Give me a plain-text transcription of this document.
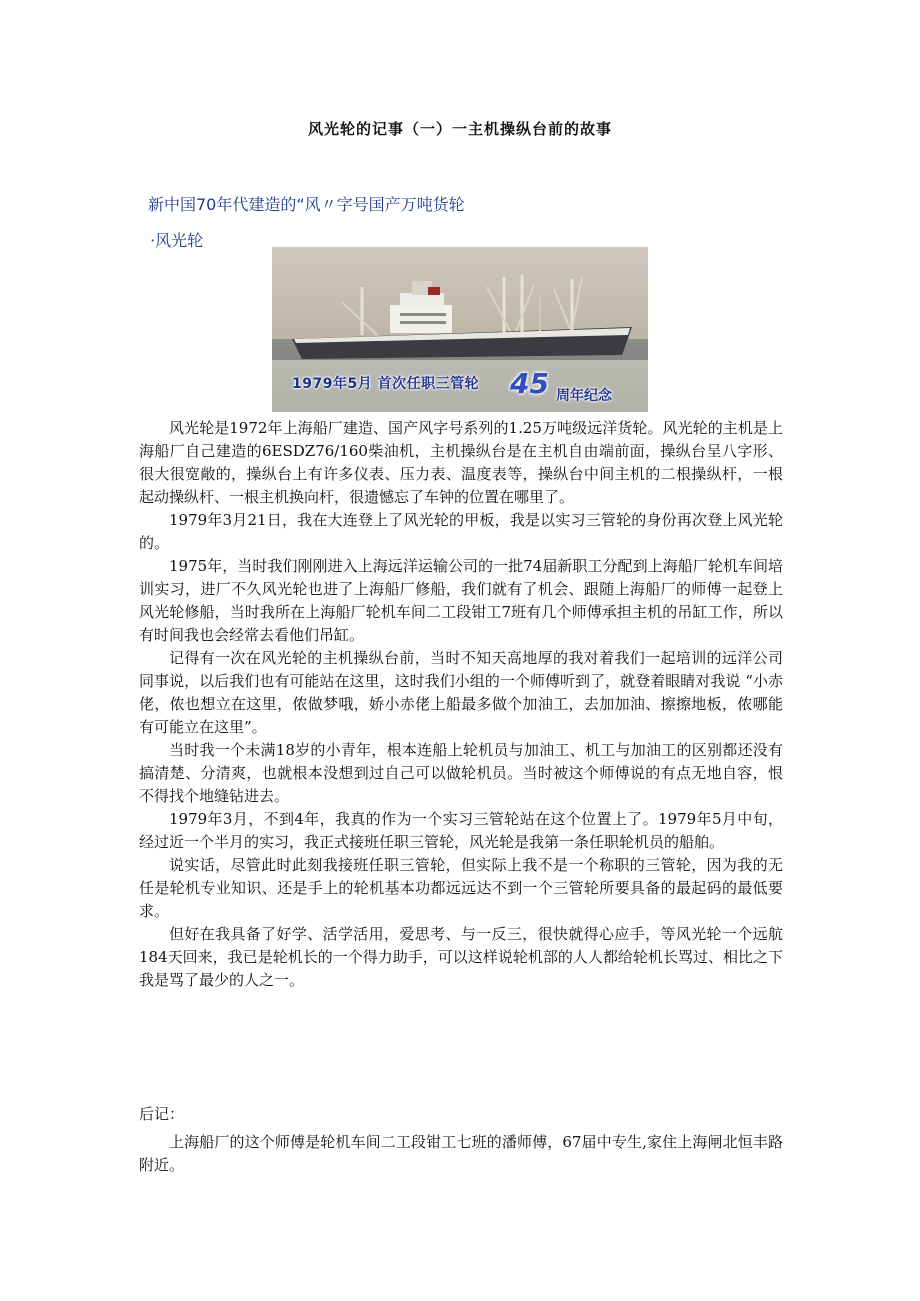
风光轮的记事（一）一主机操纵台前的故事
新中国70年代建造的“风〃字号国产万吨货轮
·风光轮
1979年5月 首次任职三管轮 45 周年纪念

风光轮是1972年上海船厂建造、国产风字号系列的1.25万吨级远洋货轮。风光轮的主机是上海船厂自己建造的6ESDZ76/160柴油机，主机操纵台是在主机自由端前面，操纵台呈八字形、很大很宽敞的，操纵台上有许多仪表、压力表、温度表等，操纵台中间主机的二根操纵杆，一根起动操纵杆、一根主机换向杆，很遗憾忘了车钟的位置在哪里了。

1979年3月21日，我在大连登上了风光轮的甲板，我是以实习三管轮的身份再次登上风光轮的。

1975年，当时我们刚刚进入上海远洋运输公司的一批74届新职工分配到上海船厂轮机车间培训实习，进厂不久风光轮也进了上海船厂修船，我们就有了机会、跟随上海船厂的师傅一起登上风光轮修船，当时我所在上海船厂轮机车间二工段钳工7班有几个师傅承担主机的吊缸工作，所以有时间我也会经常去看他们吊缸。

记得有一次在风光轮的主机操纵台前，当时不知天高地厚的我对着我们一起培训的远洋公司同事说，以后我们也有可能站在这里，这时我们小组的一个师傅听到了，就登着眼睛对我说 “小赤佬，侬也想立在这里，侬做梦哦，娇小赤佬上船最多做个加油工，去加加油、擦擦地板，侬哪能有可能立在这里”。

当时我一个未满18岁的小青年，根本连船上轮机员与加油工、机工与加油工的区别都还没有搞清楚、分清爽，也就根本没想到过自己可以做轮机员。当时被这个师傅说的有点无地自容，恨不得找个地缝钻进去。

1979年3月，不到4年，我真的作为一个实习三管轮站在这个位置上了。1979年5月中旬，经过近一个半月的实习，我正式接班任职三管轮，风光轮是我第一条任职轮机员的船舶。

说实话，尽管此时此刻我接班任职三管轮，但实际上我不是一个称职的三管轮，因为我的无任是轮机专业知识、还是手上的轮机基本功都远远达不到一个三管轮所要具备的最起码的最低要求。

但好在我具备了好学、活学活用，爱思考、与一反三，很快就得心应手，等风光轮一个远航184天回来，我已是轮机长的一个得力助手，可以这样说轮机部的人人都给轮机长骂过、相比之下我是骂了最少的人之一。

后记：

上海船厂的这个师傅是轮机车间二工段钳工七班的潘师傅，67届中专生,家住上海闸北恒丰路附近。
